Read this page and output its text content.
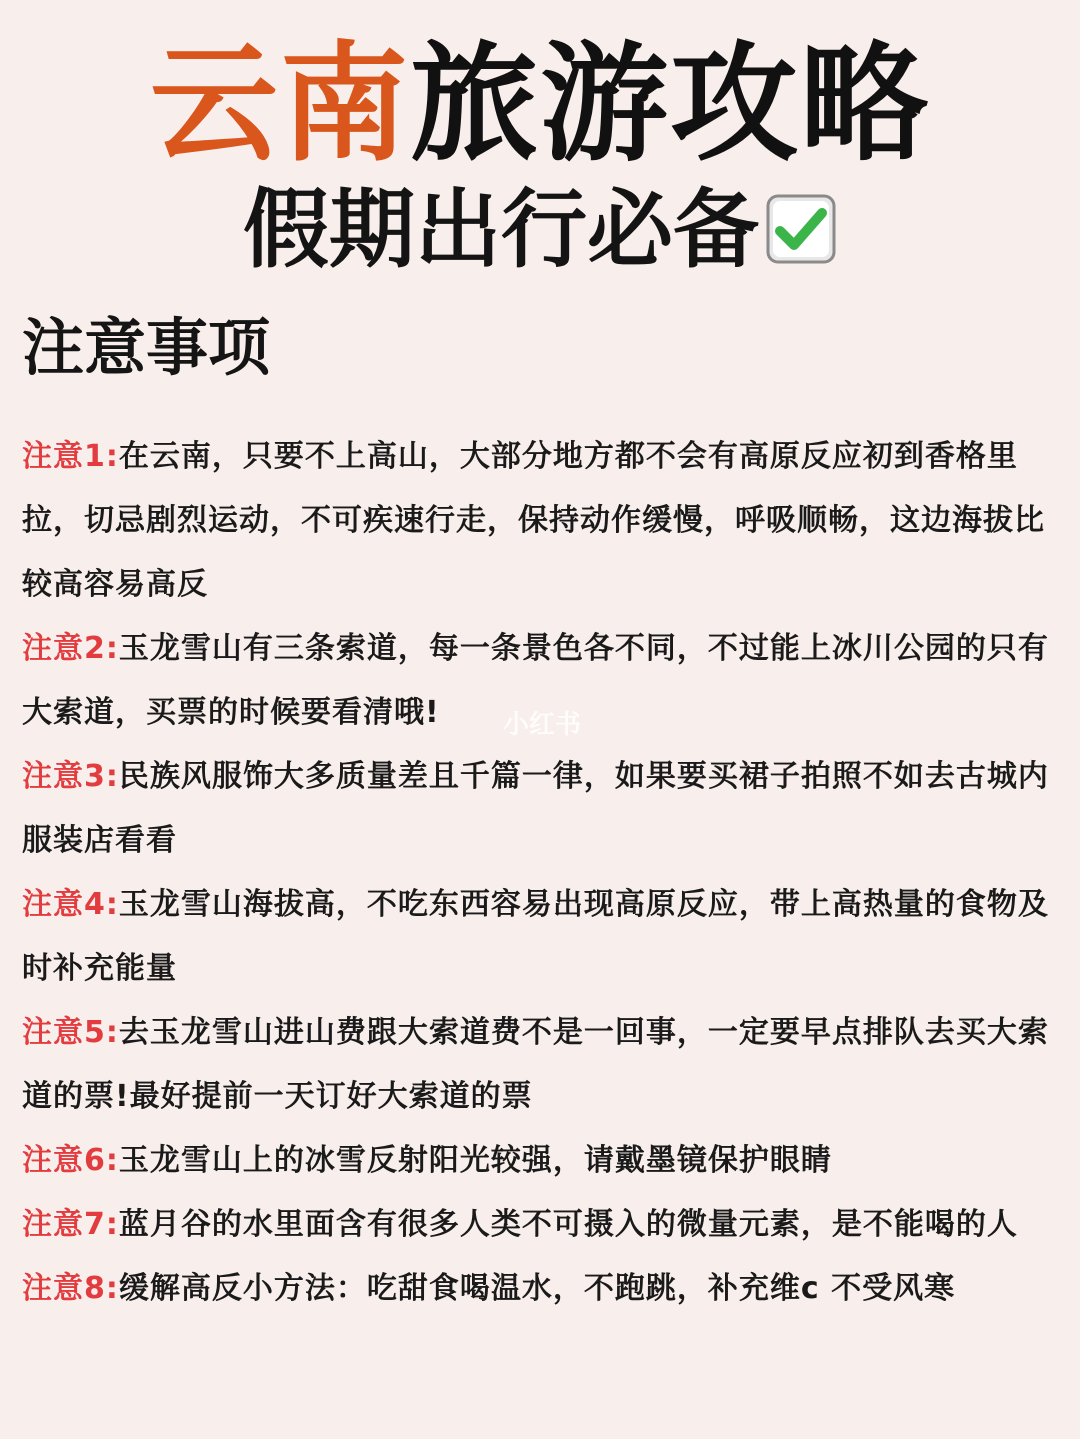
云南旅游攻略
假期出行必备
注意事项
注意1:在云南，只要不上高山，大部分地方都不会有高原反应初到香格里拉，切忌剧烈运动，不可疾速行走，保持动作缓慢，呼吸顺畅，这边海拔比较高容易高反
注意2:玉龙雪山有三条索道，每一条景色各不同，不过能上冰川公园的只有大索道，买票的时候要看清哦!
注意3:民族风服饰大多质量差且千篇一律，如果要买裙子拍照不如去古城内服装店看看
注意4:玉龙雪山海拔高，不吃东西容易出现高原反应，带上高热量的食物及时补充能量
注意5:去玉龙雪山进山费跟大索道费不是一回事，一定要早点排队去买大索道的票!最好提前一天订好大索道的票
注意6:玉龙雪山上的冰雪反射阳光较强，请戴墨镜保护眼睛
注意7:蓝月谷的水里面含有很多人类不可摄入的微量元素，是不能喝的人
注意8:缓解高反小方法：吃甜食喝温水，不跑跳，补充维c 不受风寒
小红书
